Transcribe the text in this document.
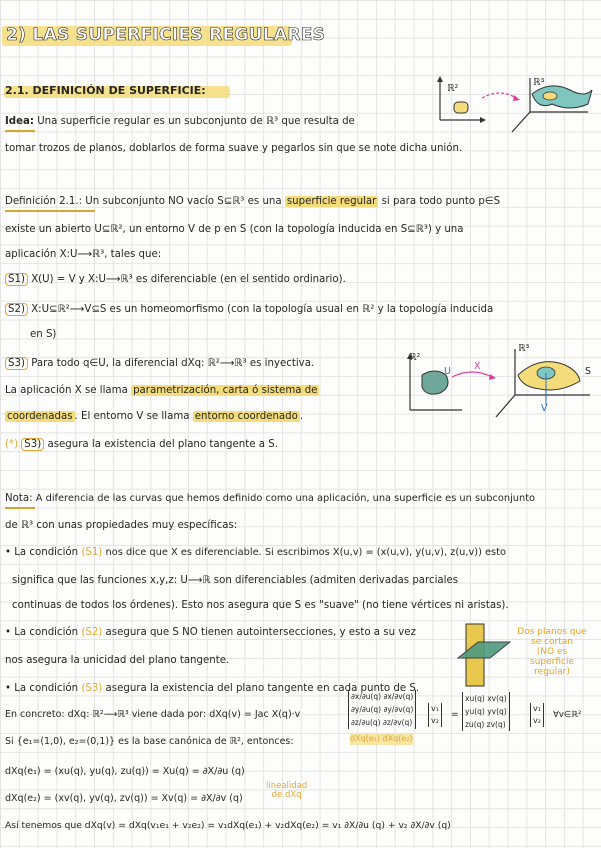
2) LAS SUPERFICIES REGULARES
2.1. DEFINICIÓN DE SUPERFICIE:
Idea: Una superficie regular es un subconjunto de ℝ³ que resulta de
tomar trozos de planos, doblarlos de forma suave y pegarlos sin que se note dicha unión.
ℝ²
ℝ³
Definición 2.1.: Un subconjunto NO vacío S⊆ℝ³ es una superficie regular si para todo punto p∈S
existe un abierto U⊆ℝ², un entorno V de p en S (con la topología inducida en S⊆ℝ³) y una
aplicación X:U⟶ℝ³, tales que:
S1) X(U) = V y X:U⟶ℝ³ es diferenciable (en el sentido ordinario).
S2) X:U⊆ℝ²⟶V⊆S es un homeomorfismo (con la topología usual en ℝ² y la topología inducida
en S)
S3) Para todo q∈U, la diferencial dXq: ℝ²⟶ℝ³ es inyectiva.
La aplicación X se llama parametrización, carta ó sistema de
coordenadas . El entorno V se llama entorno coordenado .
(*) S3) asegura la existencia del plano tangente a S.
ℝ²
ℝ³
U X	S
V
Nota: A diferencia de las curvas que hemos definido como una aplicación, una superficie es un subconjunto
de ℝ³ con unas propiedades muy específicas:
• La condición (S1) nos dice que X es diferenciable. Si escribimos X(u,v) = (x(u,v), y(u,v), z(u,v)) esto
significa que las funciones x,y,z: U⟶ℝ son diferenciables (admiten derivadas parciales
continuas de todos los órdenes). Esto nos asegura que S es "suave" (no tiene vértices ni aristas).
• La condición (S2) asegura que S NO tienen autointersecciones, y esto a su vez
nos asegura la unicidad del plano tangente.
• La condición (S3) asegura la existencia del plano tangente en cada punto de S.
Dos planos que
se cortan
(NO es
superficie
regular)
En concreto: dXq: ℝ²⟶ℝ³ viene dada por: dXq(v) = Jac X(q)·v
Si {e₁=(1,0), e₂=(0,1)} es la base canónica de ℝ², entonces:
∂x/∂u(q) ∂x/∂v(q)
∂y/∂u(q) ∂y/∂v(q)
∂z/∂u(q) ∂z/∂v(q)
v₁
v₂
=
xu(q) xv(q)
yu(q) yv(q)
zu(q) zv(q)
v₁
v₂
∀v∈ℝ²
dXq(e₁) dXq(e₂)
dXq(e₁) = (xu(q), yu(q), zu(q)) = Xu(q) = ∂X/∂u (q)
dXq(e₂) = (xv(q), yv(q), zv(q)) = Xv(q) = ∂X/∂v (q)
linealidad
de dXq
Así tenemos que dXq(v) = dXq(v₁e₁ + v₂e₂) = v₁dXq(e₁) + v₂dXq(e₂) = v₁ ∂X/∂u (q) + v₂ ∂X/∂v (q)
